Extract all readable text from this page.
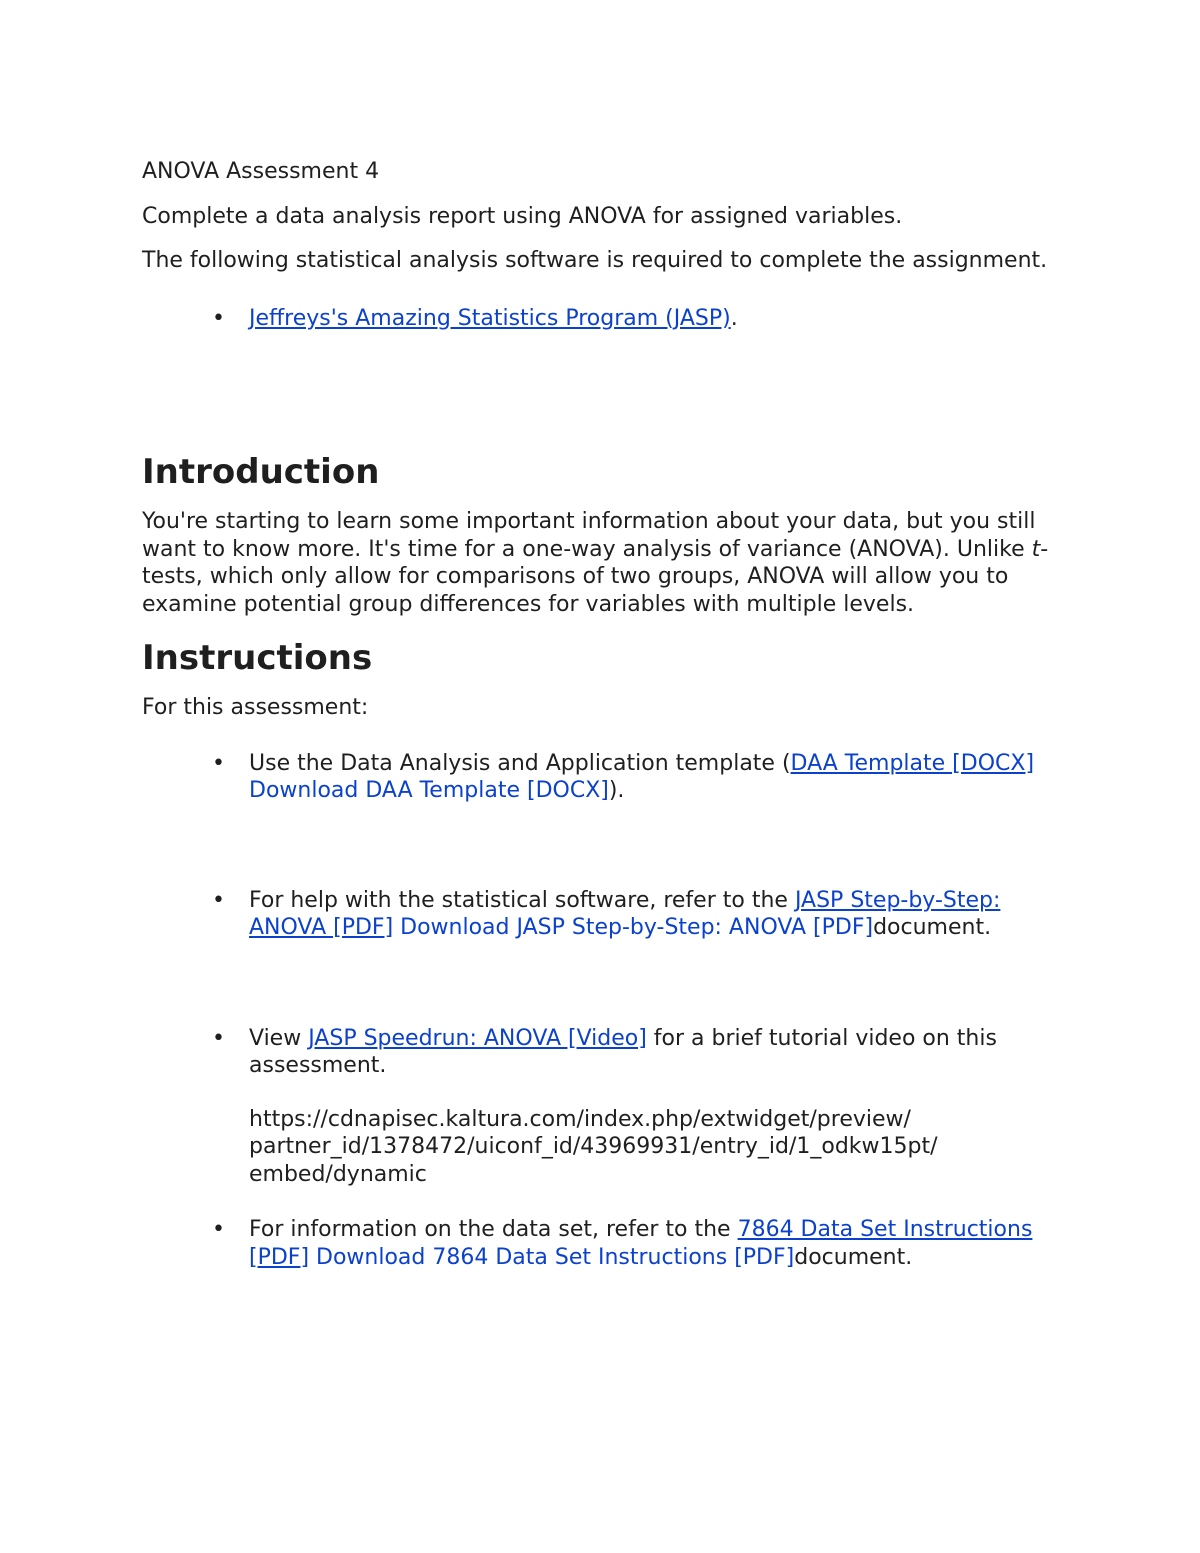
ANOVA Assessment 4

Complete a data analysis report using ANOVA for assigned variables.

The following statistical analysis software is required to complete the assignment.

• Jeffreys's Amazing Statistics Program (JASP).
Introduction

You're starting to learn some important information about your data, but you still want to know more. It's time for a one-way analysis of variance (ANOVA). Unlike t-tests, which only allow for comparisons of two groups, ANOVA will allow you to examine potential group differences for variables with multiple levels.

Instructions

For this assessment:

• Use the Data Analysis and Application template (DAA Template [DOCX] Download DAA Template [DOCX]).
• For help with the statistical software, refer to the JASP Step-by-Step: ANOVA [PDF] Download JASP Step-by-Step: ANOVA [PDF]document.
• View JASP Speedrun: ANOVA [Video] for a brief tutorial video on this assessment.
https://cdnapisec.kaltura.com/index.php/extwidget/preview/
partner_id/1378472/uiconf_id/43969931/entry_id/1_odkw15pt/
embed/dynamic
• For information on the data set, refer to the 7864 Data Set Instructions [PDF] Download 7864 Data Set Instructions [PDF]document.
